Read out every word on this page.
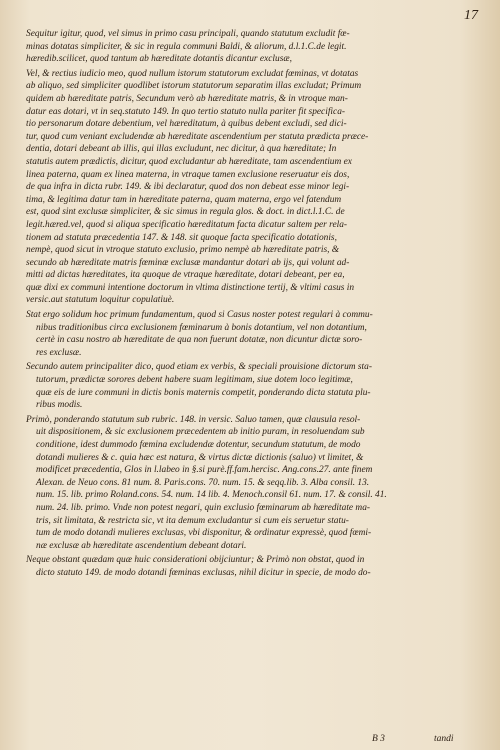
17
Sequitur igitur, quod, vel simus in primo casu principali, quando statutum excludit fœ-
minas dotatas simpliciter, & sic in regula communi Baldi, & aliorum, d.l.1.C.de legit.
hæredib.scilicet, quod tantum ab hæreditate dotantis dicantur exclusæ,
Vel, & rectius iudicio meo, quod nullum istorum statutorum excludat fœminas, vt dotatas
ab aliquo, sed simpliciter quodlibet istorum statutorum separatim illas excludat; Primum
quidem ab hæreditate patris, Secundum verò ab hæreditate matris, & in vtroque man-
datur eas dotari, vt in seq.statuto 149. In quo tertio statuto nulla pariter fit specifica-
tio personarum dotare debentium, vel hæreditatum, à quibus debent excludi, sed dici-
tur, quod cum veniant excludendæ ab hæreditate ascendentium per statuta prædicta præce-
dentia, dotari debeant ab illis, qui illas excludunt, nec dicitur, à qua hæreditate; In
statutis autem prædictis, dicitur, quod excludantur ab hæreditate, tam ascendentium ex
linea paterna, quam ex linea materna, in vtraque tamen exclusione reseruatur eis dos,
de qua infra in dicta rubr. 149. & ibi declaratur, quod dos non debeat esse minor legi-
tima, & legitima datur tam in hæreditate paterna, quam materna, ergo vel fatendum
est, quod sint exclusæ simpliciter, & sic simus in regula glos. & doct. in dict.l.1.C. de
legit.hæred.vel, quod si aliqua specificatio hæreditatum facta dicatur saltem per rela-
tionem ad statuta præcedentia 147. & 148. sit quoque facta specificatio dotationis,
nempè, quod sicut in vtroque statuto exclusio, primo nempè ab hæreditate patris, &
secundo ab hæreditate matris fœminæ exclusæ mandantur dotari ab ijs, qui volunt ad-
mitti ad dictas hæreditates, ita quoque de vtraque hæreditate, dotari debeant, per ea,
quæ dixi ex communi intentione doctorum in vltima distinctione tertij, & vltimi casus in
versic.aut statutum loquitur copulatiuè.
Stat ergo solidum hoc primum fundamentum, quod si Casus noster potest regulari à commu-
nibus traditionibus circa exclusionem fœminarum à bonis dotantium, vel non dotantium,
certè in casu nostro ab hæreditate de qua non fuerunt dotatæ, non dicuntur dictæ soro-
res exclusæ.
Secundo autem principaliter dico, quod etiam ex verbis, & speciali prouisione dictorum sta-
tutorum, prædictæ sorores debent habere suam legitimam, siue dotem loco legitimæ,
quæ eis de iure communi in dictis bonis maternis competit, ponderando dicta statuta plu-
ribus modis.
Primò, ponderando statutum sub rubric. 148. in versic. Saluo tamen, quæ clausula resol-
uit dispositionem, & sic exclusionem præcedentem ab initio puram, in resoluendam sub
conditione, idest dummodo fœmina excludendæ dotentur, secundum statutum, de modo
dotandi mulieres & c. quia hæc est natura, & virtus dictæ dictionis (saluo) vt limitet, &
modificet præcedentia, Glos in l.labeo in §.si purè.ff.fam.hercisc. Ang.cons.27. ante finem
Alexan. de Neuo cons. 81 num. 8. Paris.cons. 70. num. 15. & seqq.lib. 3. Alba consil. 13.
num. 15. lib. primo Roland.cons. 54. num. 14 lib. 4. Menoch.consil 61. num. 17. & consil. 41.
num. 24. lib. primo. Vnde non potest negari, quin exclusio fœminarum ab hæreditate ma-
tris, sit limitata, & restricta sic, vt ita demum excludantur si cum eis seruetur statu-
tum de modo dotandi mulieres exclusas, vbi disponitur, & ordinatur expressè, quod fœmi-
næ exclusæ ab hæreditate ascendentium debeant dotari.
Neque obstant quædam quæ huic considerationi obijciuntur; & Primò non obstat, quod in
dicto statuto 149. de modo dotandi fœminas exclusas, nihil dicitur in specie, de modo do-
B 3	tandi
